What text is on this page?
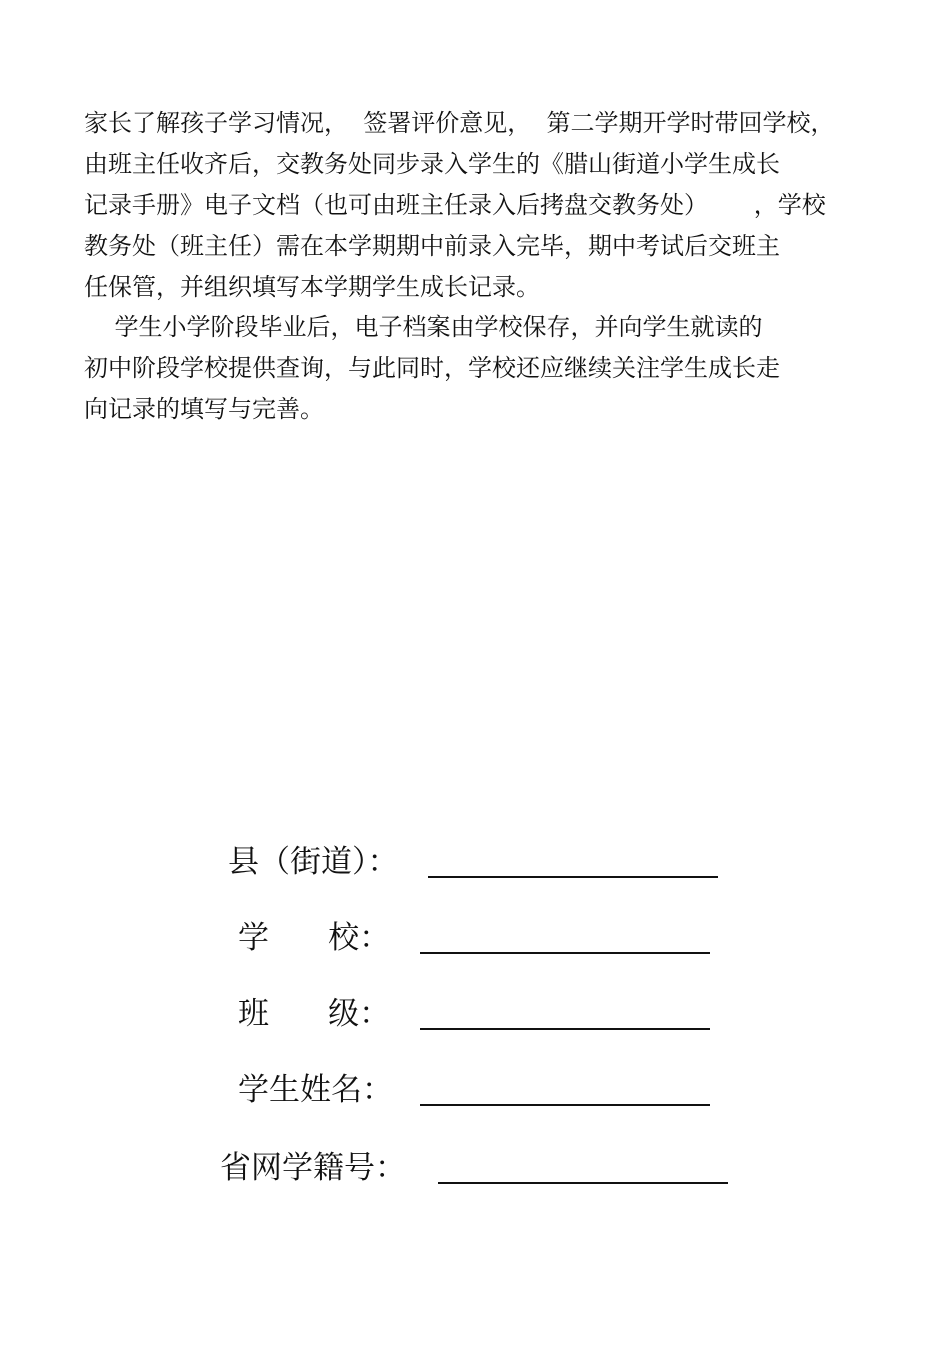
家长了解孩子学习情况，  签署评价意见，  第二学期开学时带回学校，
由班主任收齐后，交教务处同步录入学生的《腊山街道小学生成长
记录手册》电子文档（也可由班主任录入后拷盘交教务处）      ，学校
教务处（班主任）需在本学期期中前录入完毕，期中考试后交班主
任保管，并组织填写本学期学生成长记录。
学生小学阶段毕业后，电子档案由学校保存，并向学生就读的
初中阶段学校提供查询，与此同时，学校还应继续关注学生成长走
向记录的填写与完善。
县（街道）：
学      校：
班      级：
学生姓名：
省网学籍号：
